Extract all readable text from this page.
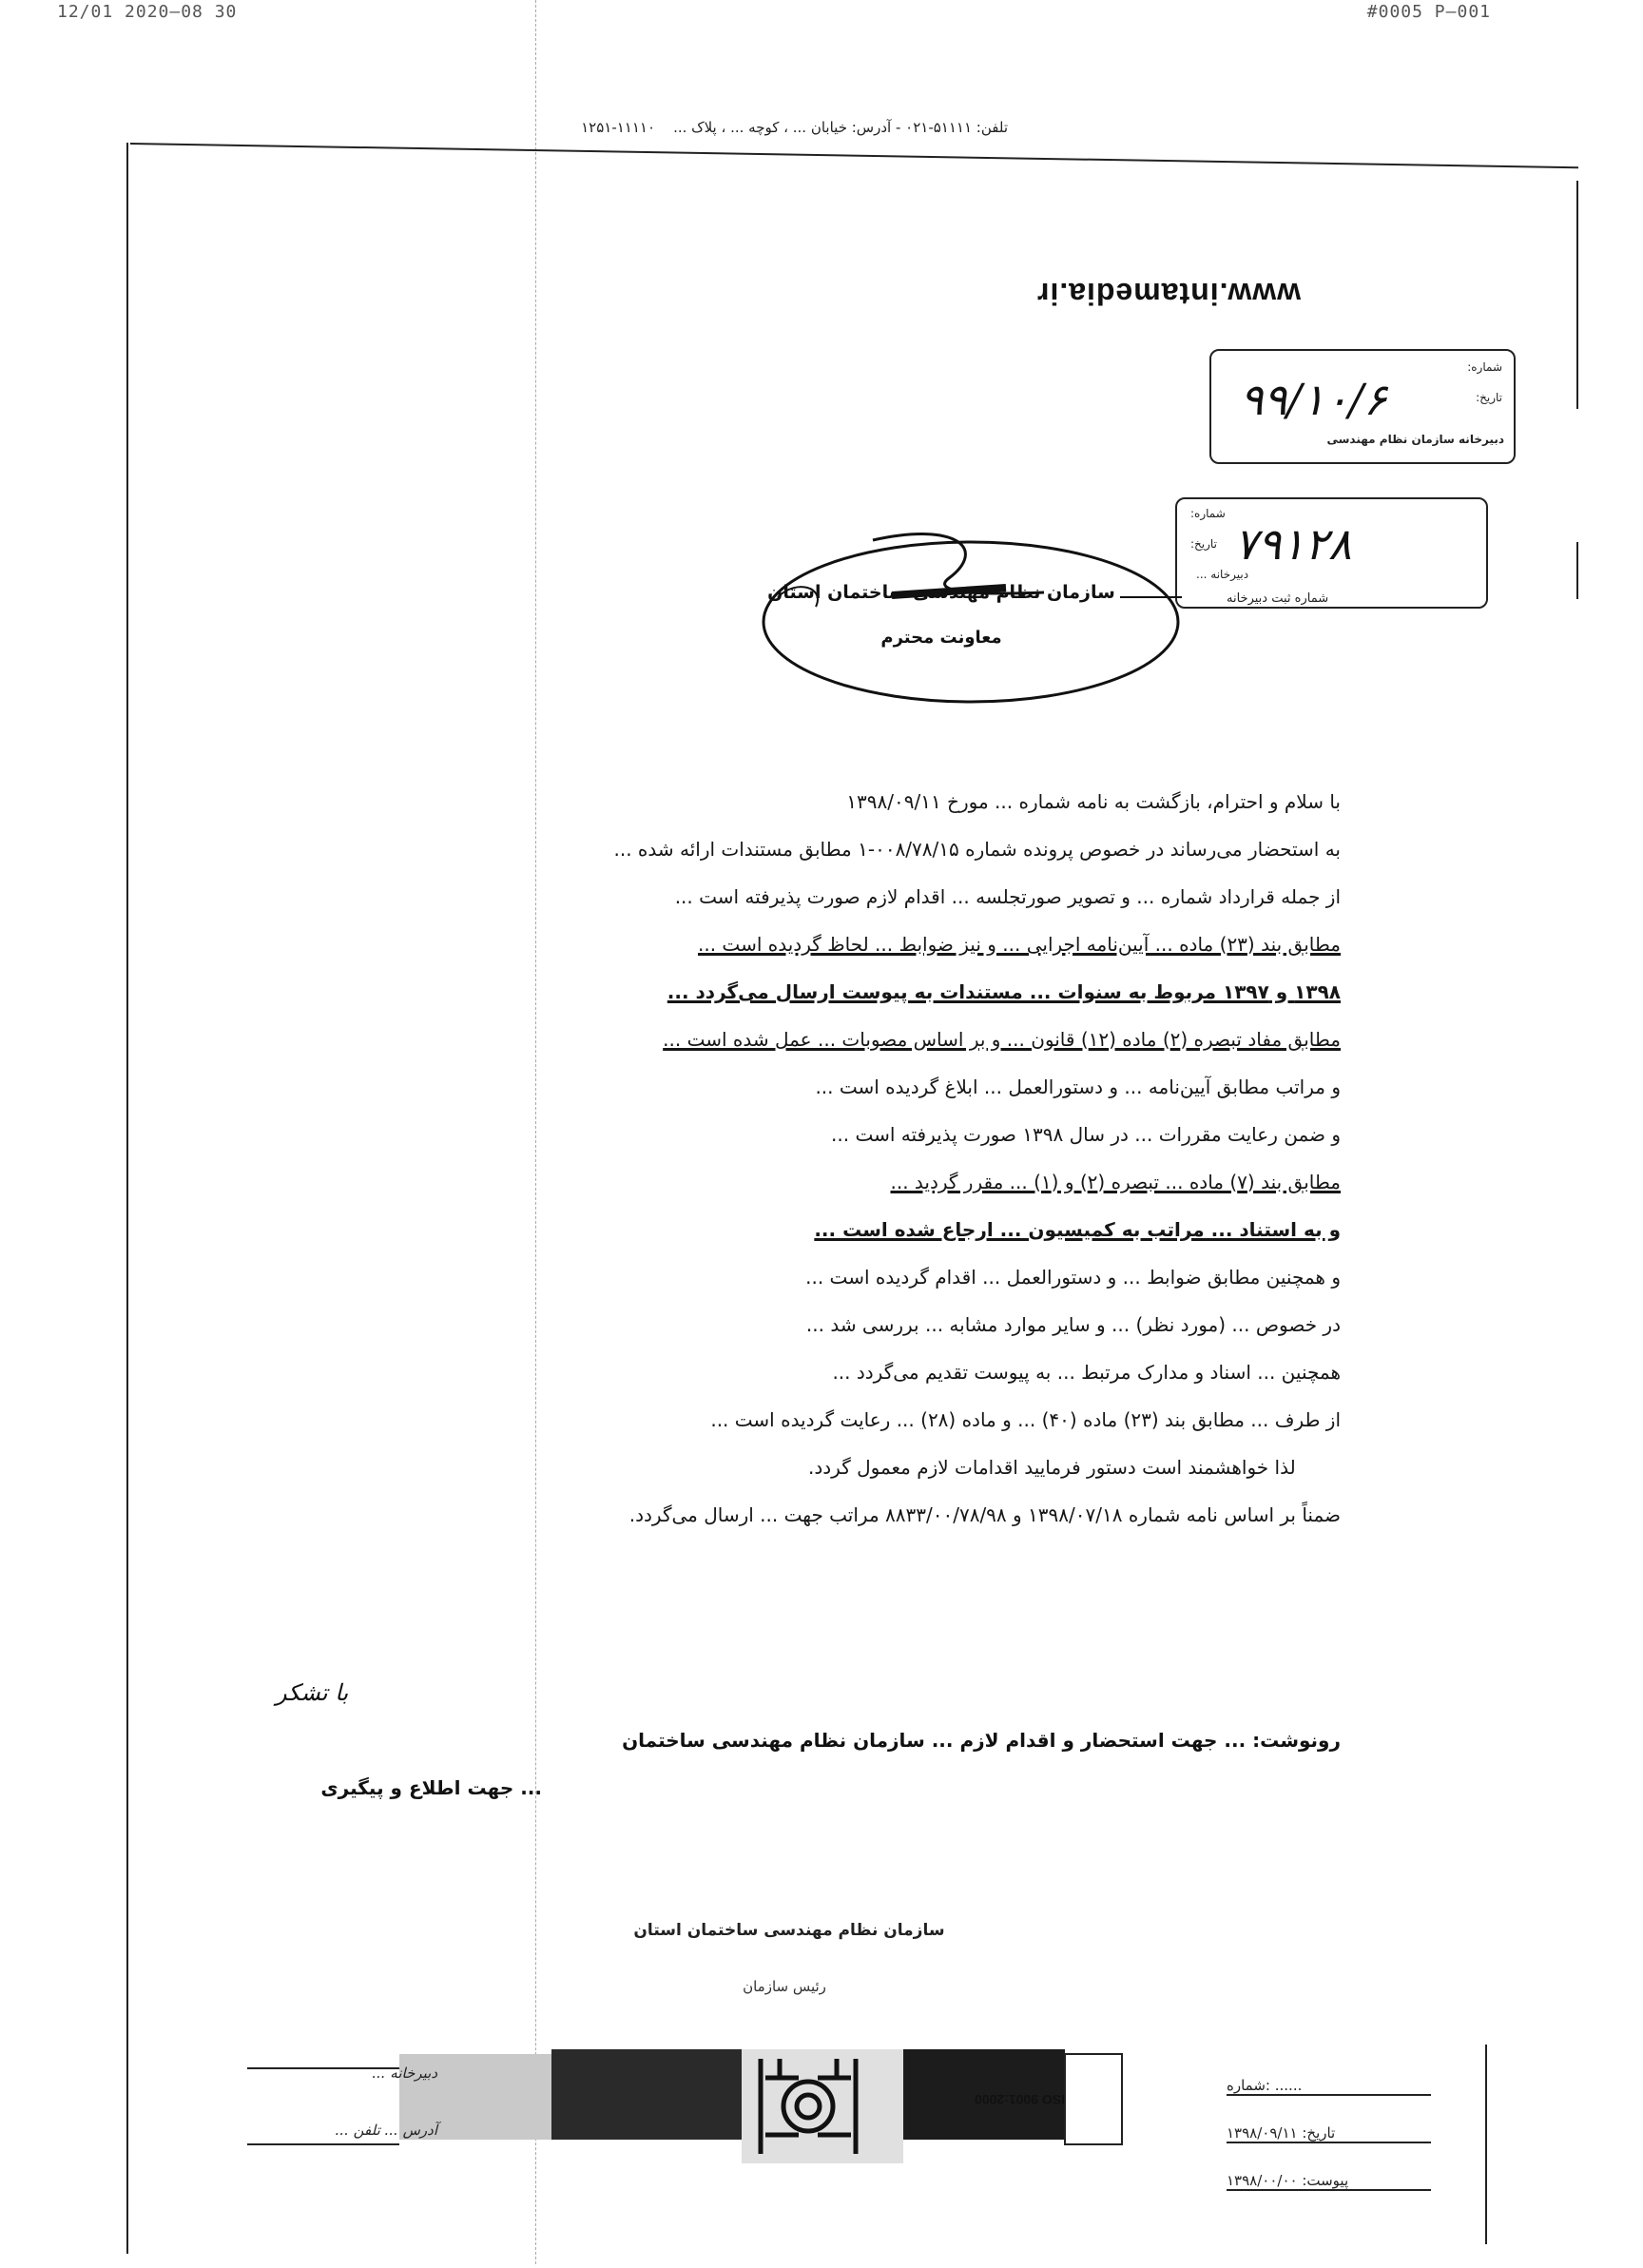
12/01 2020—08 30	#0005 P—001
تلفن: ۵۱۱۱۱-۰۲۱ - آدرس: خیابان ... ، کوچه ... ، پلاک ...    ۱۱۱۱۰-۱۲۵۱
www.intamedia.ir
شماره:
تاریخ:
۹۹/۱۰/۶
دبیرخانه سازمان نظام مهندسی
شماره:
تاریخ: ۷۹۱۲۸
دبیرخانه ...
شماره ثبت دبیرخانه
سازمان نظام مهندسی ساختمان استان
معاونت محترم
با سلام و احترام، بازگشت به نامه شماره ... مورخ ۱۳۹۸/۰۹/۱۱
به استحضار می‌رساند در خصوص پرونده شماره ۰۰۸/۷۸/۱۵-۱ مطابق مستندات ارائه شده ...
از جمله قرارداد شماره ... و تصویر صورتجلسه ... اقدام لازم صورت پذیرفته است ...
مطابق بند (۲۳) ماده ... آیین‌نامه اجرایی ... و نیز ضوابط ... لحاظ گردیده است ...
۱۳۹۸ و ۱۳۹۷ مربوط به سنوات ... مستندات به پیوست ارسال می‌گردد ...
مطابق مفاد تبصره (۲) ماده (۱۲) قانون ... و بر اساس مصوبات ... عمل شده است ...
و مراتب مطابق آیین‌نامه ... و دستورالعمل ... ابلاغ گردیده است ...
و ضمن رعایت مقررات ... در سال ۱۳۹۸ صورت پذیرفته است ...
مطابق بند (۷) ماده ... تبصره (۲) و (۱) ... مقرر گردید ...
و به استناد ... مراتب به کمیسیون ... ارجاع شده است ...
و همچنین مطابق ضوابط ... و دستورالعمل ... اقدام گردیده است ...
در خصوص ... (مورد نظر) ... و سایر موارد مشابه ... بررسی شد ...
همچنین ... اسناد و مدارک مرتبط ... به پیوست تقدیم می‌گردد ...
از طرف ... مطابق بند (۲۳) ماده (۴۰) ... و ماده (۲۸) ... رعایت گردیده است ...
لذا خواهشمند است دستور فرمایید اقدامات لازم معمول گردد.
ضمناً بر اساس نامه شماره ۱۳۹۸/۰۷/۱۸ و ۸۸۳۳/۰۰/۷۸/۹۸ مراتب جهت ... ارسال می‌گردد.
با تشکر
رونوشت: ... جهت استحضار و اقدام لازم ... سازمان نظام مهندسی ساختمان
... جهت اطلاع و پیگیری
سازمان نظام مهندسی ساختمان استان
رئیس سازمان
ISO 9001:2000
دبیرخانه ...
آدرس ... تلفن ...
شماره: ......
تاریخ: ۱۳۹۸/۰۹/۱۱
پیوست: ۱۳۹۸/۰۰/۰۰
